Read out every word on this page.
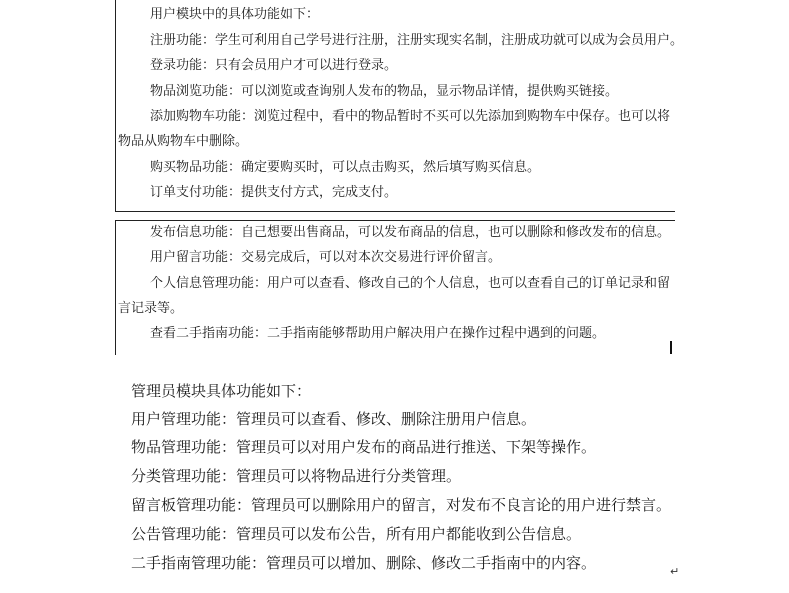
用户模块中的具体功能如下：
注册功能：学生可利用自己学号进行注册，注册实现实名制，注册成功就可以成为会员用户。
登录功能：只有会员用户才可以进行登录。
物品浏览功能：可以浏览或查询别人发布的物品，显示物品详情，提供购买链接。
添加购物车功能：浏览过程中，看中的物品暂时不买可以先添加到购物车中保存。也可以将
物品从购物车中删除。
购买物品功能：确定要购买时，可以点击购买，然后填写购买信息。
订单支付功能：提供支付方式，完成支付。
发布信息功能：自己想要出售商品，可以发布商品的信息，也可以删除和修改发布的信息。
用户留言功能：交易完成后，可以对本次交易进行评价留言。
个人信息管理功能：用户可以查看、修改自己的个人信息，也可以查看自己的订单记录和留
言记录等。
查看二手指南功能：二手指南能够帮助用户解决用户在操作过程中遇到的问题。
管理员模块具体功能如下：
用户管理功能：管理员可以查看、修改、删除注册用户信息。
物品管理功能：管理员可以对用户发布的商品进行推送、下架等操作。
分类管理功能：管理员可以将物品进行分类管理。
留言板管理功能：管理员可以删除用户的留言，对发布不良言论的用户进行禁言。
公告管理功能：管理员可以发布公告，所有用户都能收到公告信息。
二手指南管理功能：管理员可以增加、删除、修改二手指南中的内容。	↵
